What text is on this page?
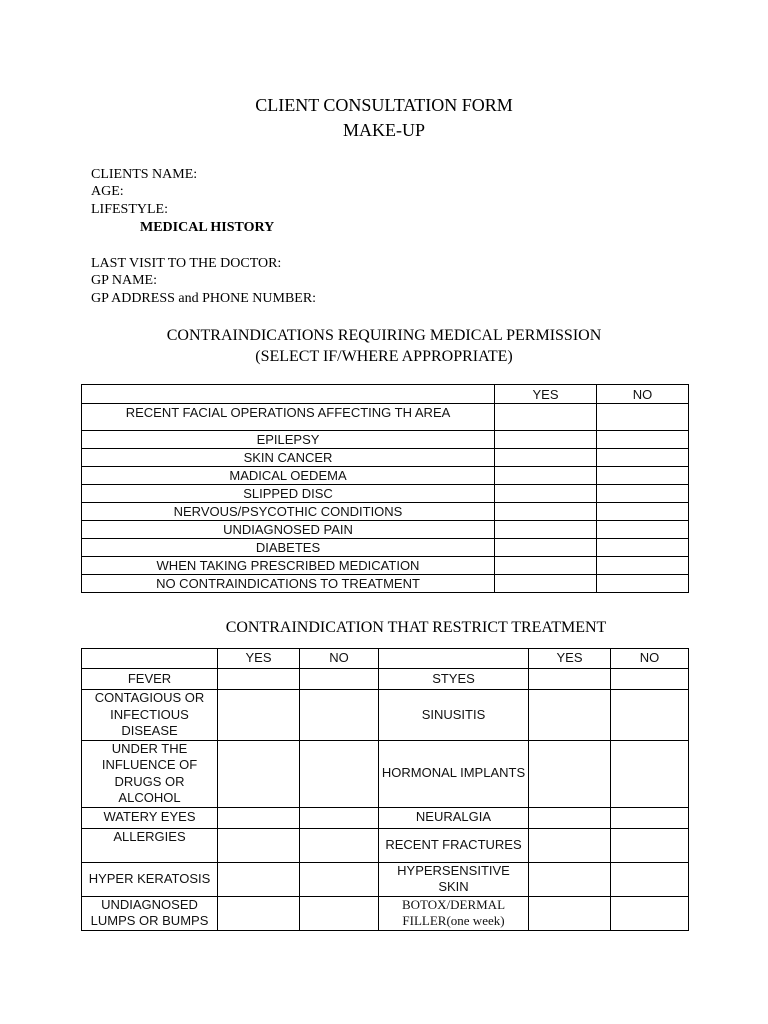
CLIENT CONSULTATION FORM
MAKE-UP
CLIENTS NAME:
AGE:
LIFESTYLE:
MEDICAL HISTORY
LAST VISIT TO THE DOCTOR:
GP NAME:
GP ADDRESS and PHONE NUMBER:
CONTRAINDICATIONS REQUIRING MEDICAL PERMISSION
(SELECT IF/WHERE APPROPRIATE)
	YES	NO
RECENT FACIAL OPERATIONS AFFECTING TH AREA		
EPILEPSY		
SKIN CANCER		
MADICAL OEDEMA		
SLIPPED DISC		
NERVOUS/PSYCOTHIC CONDITIONS		
UNDIAGNOSED PAIN		
DIABETES		
WHEN TAKING PRESCRIBED MEDICATION		
NO CONTRAINDICATIONS TO TREATMENT		
CONTRAINDICATION THAT RESTRICT TREATMENT
	YES	NO		YES	NO
FEVER			STYES		
CONTAGIOUS OR INFECTIOUS DISEASE			SINUSITIS		
UNDER THE INFLUENCE OF DRUGS OR ALCOHOL			HORMONAL IMPLANTS		
WATERY EYES			NEURALGIA		
ALLERGIES			RECENT FRACTURES		
HYPER KERATOSIS			HYPERSENSITIVE SKIN		
UNDIAGNOSED LUMPS OR BUMPS			BOTOX/DERMAL FILLER(one week)		
